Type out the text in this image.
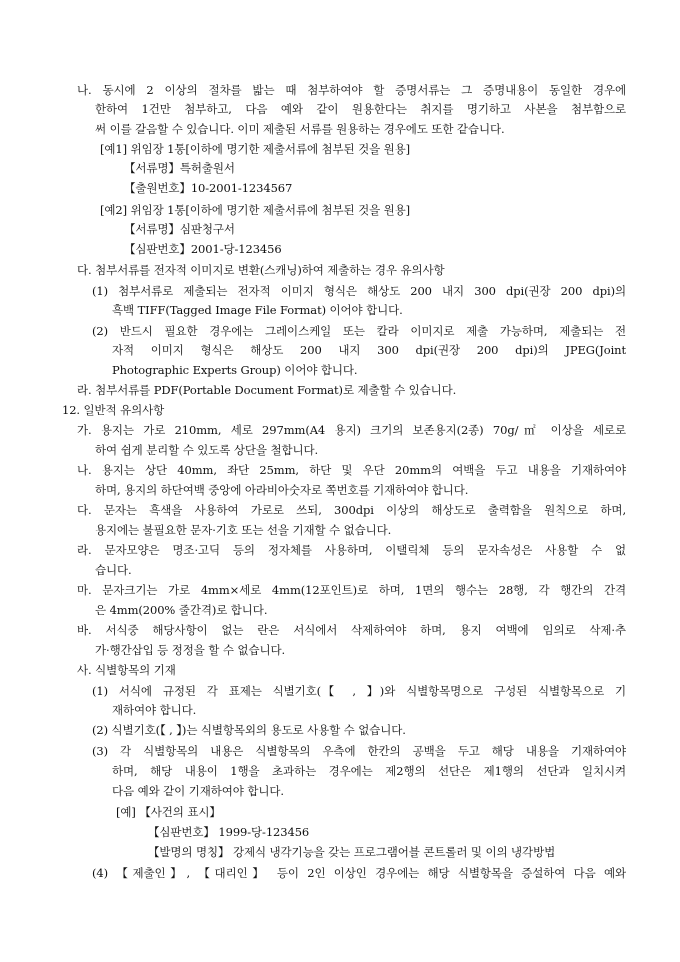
나. 동시에 2 이상의 절차를 밟는 때 첨부하여야 할 증명서류는 그 증명내용이 동일한 경우에
한하여 1건만 첨부하고, 다음 예와 같이 원용한다는 취지를 명기하고 사본을 첨부함으로
써 이를 갈음할 수 있습니다. 이미 제출된 서류를 원용하는 경우에도 또한 같습니다.
[예1] 위임장 1통[이하에 명기한 제출서류에 첨부된 것을 원용]
【서류명】특허출원서
【출원번호】10-2001-1234567
[예2] 위임장 1통[이하에 명기한 제출서류에 첨부된 것을 원용]
【서류명】심판청구서
【심판번호】2001-당-123456
다. 첨부서류를 전자적 이미지로 변환(스캐닝)하여 제출하는 경우 유의사항
(1) 첨부서류로 제출되는 전자적 이미지 형식은 해상도 200 내지 300 dpi(권장 200 dpi)의
흑백 TIFF(Tagged Image File Format) 이어야 합니다.
(2) 반드시 필요한 경우에는 그레이스케일 또는 칼라 이미지로 제출 가능하며, 제출되는 전
자적 이미지 형식은 해상도 200 내지 300 dpi(권장 200 dpi)의 JPEG(Joint
Photographic Experts Group) 이어야 합니다.
라. 첨부서류를 PDF(Portable Document Format)로 제출할 수 있습니다.
12. 일반적 유의사항
가. 용지는 가로 210mm, 세로 297mm(A4 용지) 크기의 보존용지(2종) 70g/㎡ 이상을 세로로
하여 쉽게 분리할 수 있도록 상단을 철합니다.
나. 용지는 상단 40mm, 좌단 25mm, 하단 및 우단 20mm의 여백을 두고 내용을 기재하여야
하며, 용지의 하단여백 중앙에 아라비아숫자로 쪽번호를 기재하여야 합니다.
다. 문자는 흑색을 사용하여 가로로 쓰되, 300dpi 이상의 해상도로 출력함을 원칙으로 하며,
용지에는 불필요한 문자·기호 또는 선을 기재할 수 없습니다.
라. 문자모양은 명조·고딕 등의 정자체를 사용하며, 이탤릭체 등의 문자속성은 사용할 수 없
습니다.
마. 문자크기는 가로 4mm×세로 4mm(12포인트)로 하며, 1면의 행수는 28행, 각 행간의 간격
은 4mm(200% 줄간격)로 합니다.
바. 서식중 해당사항이 없는 란은 서식에서 삭제하여야 하며, 용지 여백에 임의로 삭제·추
가·행간삽입 등 정정을 할 수 없습니다.
사. 식별항목의 기재
(1) 서식에 규정된 각 표제는 식별기호(【 , 】)와 식별항목명으로 구성된 식별항목으로 기
재하여야 합니다.
(2) 식별기호(【 , 】)는 식별항목외의 용도로 사용할 수 없습니다.
(3) 각 식별항목의 내용은 식별항목의 우측에 한칸의 공백을 두고 해당 내용을 기재하여야
하며, 해당 내용이 1행을 초과하는 경우에는 제2행의 선단은 제1행의 선단과 일치시켜
다음 예와 같이 기재하여야 합니다.
[예] 【사건의 표시】
【심판번호】 1999-당-123456
【발명의 명칭】 강제식 냉각기능을 갖는 프로그램어블 콘트롤러 및 이의 냉각방법
(4) 【제출인】, 【대리인】 등이 2인 이상인 경우에는 해당 식별항목을 증설하여 다음 예와
